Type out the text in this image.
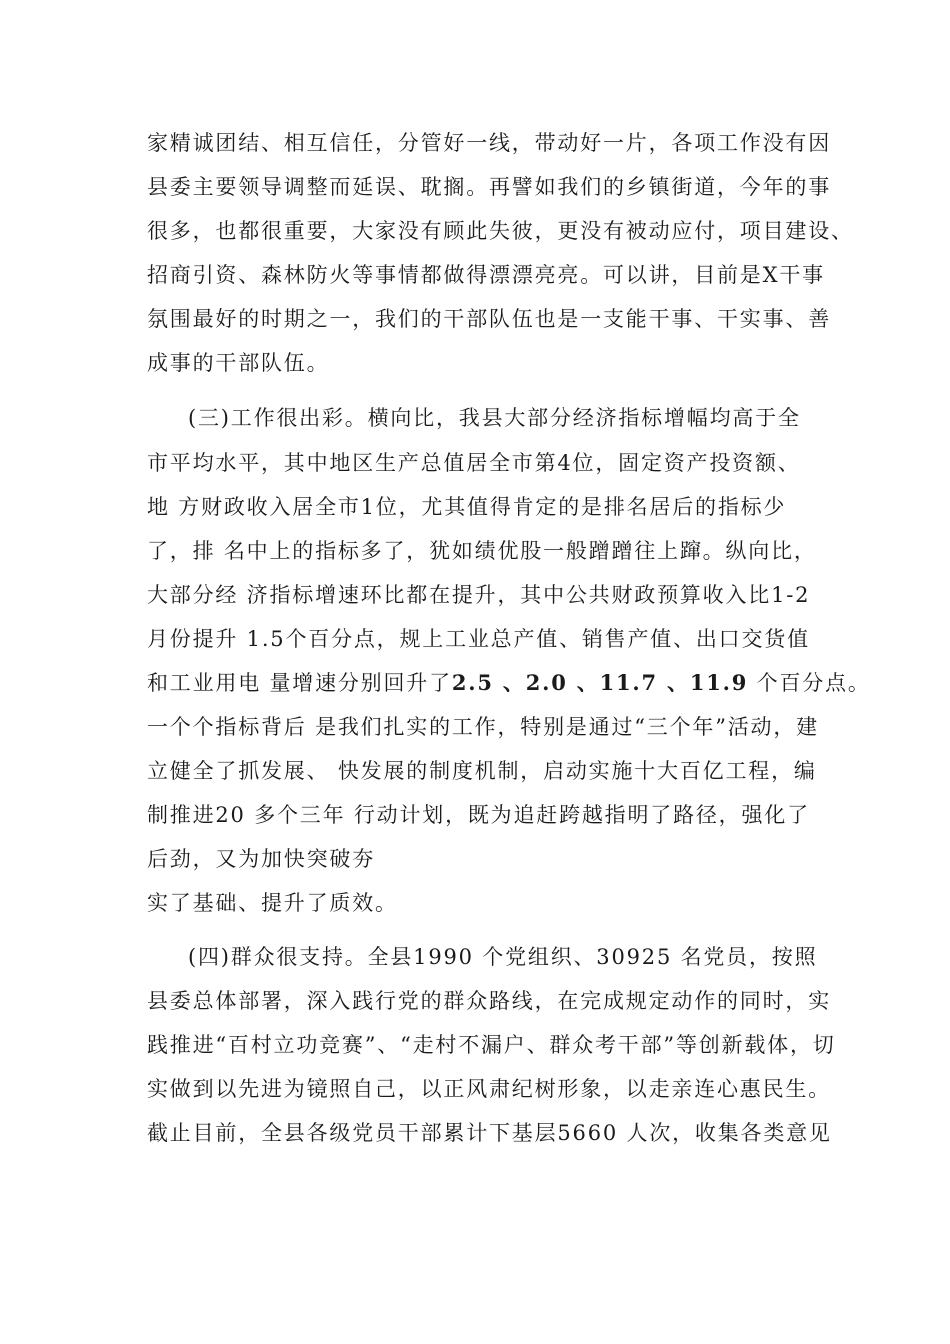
家精诚团结、相互信任，分管好一线，带动好一片，各项工作没有因
县委主要领导调整而延误、耽搁。再譬如我们的乡镇街道，今年的事
很多，也都很重要，大家没有顾此失彼，更没有被动应付，项目建设、
招商引资、森林防火等事情都做得漂漂亮亮。可以讲，目前是X干事
氛围最好的时期之一，我们的干部队伍也是一支能干事、干实事、善
成事的干部队伍。
(三)工作很出彩。横向比，我县大部分经济指标增幅均高于全
市平均水平，其中地区生产总值居全市第4位，固定资产投资额、
地 方财政收入居全市1位，尤其值得肯定的是排名居后的指标少
了，排 名中上的指标多了，犹如绩优股一般蹭蹭往上蹿。纵向比，
大部分经 济指标增速环比都在提升，其中公共财政预算收入比1-2
月份提升 1.5个百分点，规上工业总产值、销售产值、出口交货值
和工业用电 量增速分别回升了2.5 、2.0 、11.7 、11.9 个百分点。
一个个指标背后 是我们扎实的工作，特别是通过“三个年”活动，建
立健全了抓发展、 快发展的制度机制，启动实施十大百亿工程，编
制推进20 多个三年 行动计划，既为追赶跨越指明了路径，强化了
后劲，又为加快突破夯
实了基础、提升了质效。
(四)群众很支持。全县1990 个党组织、30925 名党员，按照
县委总体部署，深入践行党的群众路线，在完成规定动作的同时，实
践推进“百村立功竞赛”、“走村不漏户、群众考干部”等创新载体，切
实做到以先进为镜照自己，以正风肃纪树形象，以走亲连心惠民生。
截止目前，全县各级党员干部累计下基层5660 人次，收集各类意见
